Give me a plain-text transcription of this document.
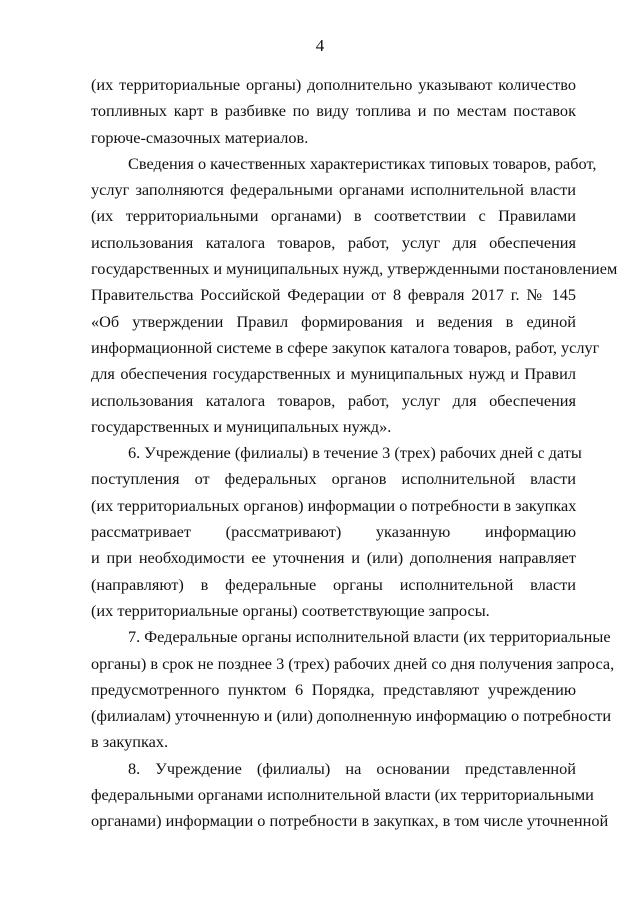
4
(их территориальные органы) дополнительно указывают количество
топливных карт в разбивке по виду топлива и по местам поставок
горюче-смазочных материалов.
Сведения о качественных характеристиках типовых товаров, работ,
услуг заполняются федеральными органами исполнительной власти
(их территориальными органами) в соответствии с Правилами
использования каталога товаров, работ, услуг для обеспечения
государственных и муниципальных нужд, утвержденными постановлением
Правительства Российской Федерации от 8 февраля 2017 г. № 145
«Об утверждении Правил формирования и ведения в единой
информационной системе в сфере закупок каталога товаров, работ, услуг
для обеспечения государственных и муниципальных нужд и Правил
использования каталога товаров, работ, услуг для обеспечения
государственных и муниципальных нужд».
6. Учреждение (филиалы) в течение 3 (трех) рабочих дней с даты
поступления от федеральных органов исполнительной власти
(их территориальных органов) информации о потребности в закупках
рассматривает (рассматривают) указанную информацию
и при необходимости ее уточнения и (или) дополнения направляет
(направляют) в федеральные органы исполнительной власти
(их территориальные органы) соответствующие запросы.
7. Федеральные органы исполнительной власти (их территориальные
органы) в срок не позднее 3 (трех) рабочих дней со дня получения запроса,
предусмотренного пунктом 6 Порядка, представляют учреждению
(филиалам) уточненную и (или) дополненную информацию о потребности
в закупках.
8. Учреждение (филиалы) на основании представленной
федеральными органами исполнительной власти (их территориальными
органами) информации о потребности в закупках, в том числе уточненной
